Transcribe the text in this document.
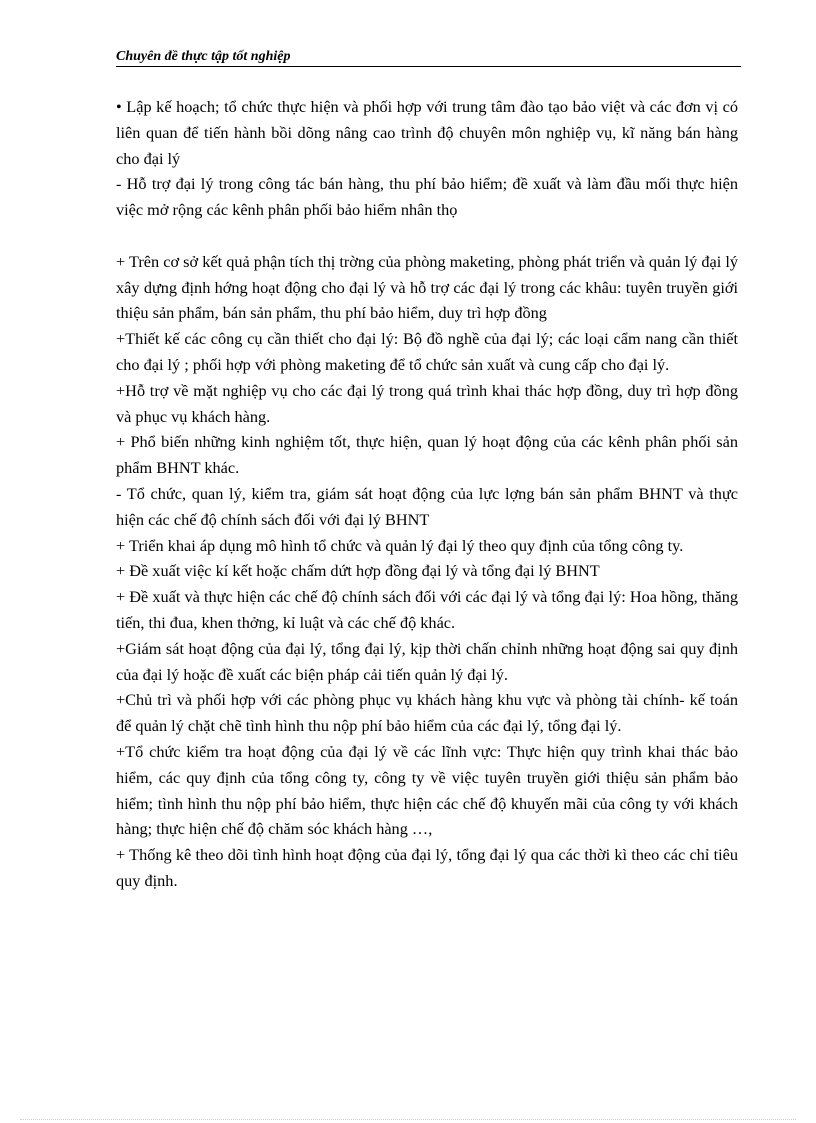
Chuyên đề thực tập tốt nghiệp

• Lập kế hoạch; tổ chức thực hiện và phối hợp với trung tâm đào tạo bảo việt và các đơn vị có liên quan để tiến hành bồi dõng nâng cao trình độ chuyên môn nghiệp vụ, kĩ năng bán hàng cho đại lý

- Hỗ trợ đại lý trong công tác bán hàng, thu phí bảo hiểm; đề xuất và làm đầu mối thực hiện việc mở rộng các kênh phân phối bảo hiểm nhân thọ

+ Trên cơ sở kết quả phận tích thị trờng của phòng maketing, phòng phát triển và quản lý đại lý xây dựng định hớng hoạt động cho đại lý và hỗ trợ các đại lý trong các khâu: tuyên truyền giới thiệu sản phẩm, bán sản phẩm, thu phí bảo hiểm, duy trì hợp đồng

+Thiết kế các công cụ cần thiết cho đại lý: Bộ đồ nghề của đại lý; các loại cẩm nang cần thiết cho đại lý ; phối hợp với phòng maketing để tổ chức sản xuất và cung cấp cho đại lý.

+Hỗ trợ về mặt nghiệp vụ cho các đại lý trong quá trình khai thác hợp đồng, duy trì hợp đồng và phục vụ khách hàng.

+ Phổ biến những kinh nghiệm tốt, thực hiện, quan lý hoạt động của các kênh phân phối sản phẩm BHNT khác.

- Tổ chức, quan lý, kiểm tra, giám sát hoạt động của lực lợng bán sản phẩm BHNT và thực hiện các chế độ chính sách đối với đại lý BHNT

+ Triển khai áp dụng mô hình tổ chức và quản lý đại lý theo quy định của tổng công ty.

+ Đề xuất việc kí kết hoặc chấm dứt hợp đồng đại lý và tổng đại lý BHNT

+ Đề xuất và thực hiện các chế độ chính sách đối với các đại lý và tổng đại lý: Hoa hồng, thăng tiến, thi đua, khen thởng, kỉ luật và các chế độ khác.

+Giám sát hoạt động của đại lý, tổng đại lý, kịp thời chấn chỉnh những hoạt động sai quy định của đại lý hoặc đề xuất các biện pháp cải tiến quản lý đại lý.

+Chủ trì và phối hợp với các phòng phục vụ khách hàng khu vực và phòng tài chính- kế toán để quản lý chặt chẽ tình hình thu nộp phí bảo hiểm của các đại lý, tổng đại lý.

+Tổ chức kiểm tra hoạt động của đại lý về các lĩnh vực: Thực hiện quy trình khai thác bảo hiểm, các quy định của tổng công ty, công ty về việc tuyên truyền giới thiệu sản phẩm bảo hiểm; tình hình thu nộp phí bảo hiểm, thực hiện các chế độ khuyến mãi của công ty với khách hàng; thực hiện chế độ chăm sóc khách hàng …,

+ Thống kê theo dõi tình hình hoạt động của đại lý, tổng đại lý qua các thời kì theo các chỉ tiêu quy định.
